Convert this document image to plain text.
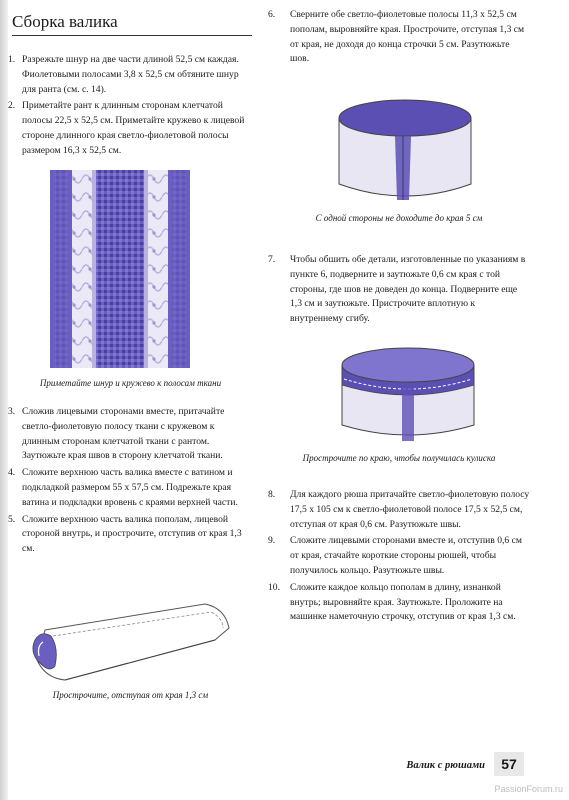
Сборка валика
1. Разрежьте шнур на две части длиной 52,5 см каждая. Фиолетовыми полосами 3,8 х 52,5 см обтяните шнур для ранта (см. с. 14).
2. Приметайте рант к длинным сторонам клетчатой полосы 22,5 х 52,5 см. Приметайте кружево к лицевой стороне длинного края светло-фиолетовой полосы размером 16,3 х 52,5 см.
Приметайте шнур и кружево к полосам ткани
3. Сложив лицевыми сторонами вместе, притачайте светло-фиолетовую полосу ткани с кружевом к длинным сторонам клетчатой ткани с рантом. Заутюжьте края швов в сторону клетчатой ткани.
4. Сложите верхнюю часть валика вместе с ватином и подкладкой размером 55 х 57,5 см. Подрежьте края ватина и подкладки вровень с краями верхней части.
5. Сложите верхнюю часть валика пополам, лицевой стороной внутрь, и прострочите, отступив от края 1,3 см.
Прострочите, отступая от края 1,3 см
6. Сверните обе светло-фиолетовые полосы 11,3 х 52,5 см пополам, выровняйте края. Прострочите, отступая 1,3 см от края, не доходя до конца строчки 5 см. Разутюжьте шов.
С одной стороны не доходите до края 5 см
7. Чтобы обшить обе детали, изготовленные по указаниям в пункте 6, подверните и заутюжьте 0,6 см края с той стороны, где шов не доведен до конца. Подверните еще 1,3 см и заутюжьте. Пристрочите вплотную к внутреннему сгибу.
Прострочите по краю, чтобы получилась кулиска
8. Для каждого рюша притачайте светло-фиолетовую полосу 17,5 х 105 см к светло-фиолетовой полосе 17,5 х 52,5 см, отступая от края 0,6 см. Разутюжьте швы.
9. Сложите лицевыми сторонами вместе и, отступив 0,6 см от края, стачайте короткие стороны рюшей, чтобы получилось кольцо. Разутюжьте швы.
10. Сложите каждое кольцо пополам в длину, изнанкой внутрь; выровняйте края. Заутюжьте. Проложите на машинке наметочную строчку, отступив от края 1,3 см.
Валик с рюшами	57
PassionForum.ru
